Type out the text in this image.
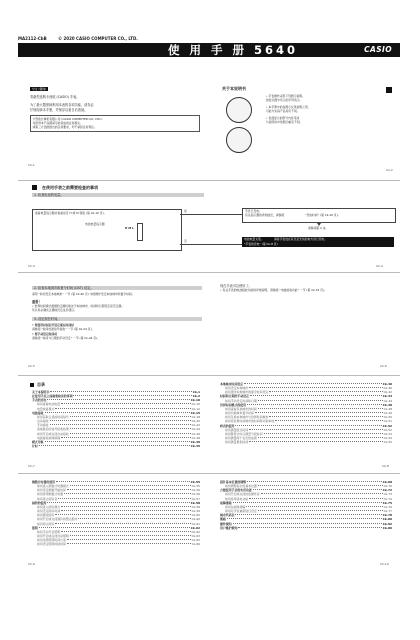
MA2112-CbB	© 2020 CASIO COMPUTER CO., LTD.
使 用 手 册 5640	CASIO
中文 (简体)
衷谢您选购卡西欧 (CASIO) 手表。
为了最大限度地利用本表的各项功能，请务必
仔细阅读本手册，并保存以备日后查阅。
卡西欧计算机有限公司 (CASIO COMPUTER CO., LTD.)
对使用本产品期间可能造成的任何损失，
或第三方因此提出的任何要求，均不承担任何责任。
Ck-1
关于本说明书
• 手表操作采用下列图示说明。
按钮以图中所示的字母表示。
• 本手册中的各图示仅供说明之用，
可能与实际产品有所不同。
• 表面显示的部分内容可能
与说明书中的图示略有不同。
Ck-2
在使用手表之前需要检查的事项
1. 检查电池的电量。
查看电量指示器并查看是否 H 或 M 等级 (第 Ck-10 页)。
电池电量指示器
H M L
是
否
手表已充电。
有关指示器的详细信息，请参阅	“充电时间” (第 Ck-10 页)。
请参阅第 2 步。
电池电量太低。	请将手表放在有充足光线的地方进行充电。
“手表的充电” (第 Ck-8 页)
Ck-3	Ck-4
2. 检查本地城市和夏令时间 (DST) 设定。
请用 “如何设定本地城市” 一节 (第 Ck-40 页) 中的操作设定本地城市和夏令时间。
重要！
• 世界时间模式数据的正确性取决于本地城市、时间和日期设定是否正确。
所以务必确实正确地设定这些项目。
3. 设定现在时间。
• 要使用时间信号设定现在时间时
请参阅 “时间校准信号接收” 一节 (第 Ck-24 页)。
• 要手动设定时间时
请参阅 “时间与日期的手动设定” 一节 (第 Ck-44 页)。
Ck-5
现在手表可以使用了。
• 有关手表的电波接收功能的详细说明，请参阅 “电波接收功能” 一节 (第 Ck-15 页)。
Ck-6
目录
关于本说明书	Ck-1
在使用手表之前需要检查的事项	Ck-2
手表的充电	Ck-10
如何查看电池电量	Ck-10
电量恢复模式	Ck-12
电波接收	Ck-15
如何获取合适的时间信号	Ck-18
自动接收	Ck-20
手动接收	Ck-22
查看最后的信号接收结果	Ck-24
如何开启或关闭自动接收	Ck-26
电波接收故障排除	Ck-28
模式导航	Ck-30
计时	Ck-35
Ck-7
本地城市时间设定	Ck-40
如何设定本地城市	Ck-40
如何更改本地城市的夏令时间设定	Ck-42
时间和日期的手动设定	Ck-44
如何手动设定时间和日期	Ck-44
世界时间模式的使用	Ck-48
如何查看其他城市的时间	Ck-48
如何切换城市夏令时间	Ck-49
如何互换本地城市与世界时间城市	Ck-50
如何将世界时间城市的时间移动到本地	Ck-51
秒表的使用	Ck-52
如何测量经过时间	Ck-52
如何暂停计时以测量分段时间	Ck-53
如何测量两个名次的成绩	Ck-54
如何测量累积时间	Ck-55
Ck-8
倒数计时器的使用	Ck-55
如何进入倒数计时器模式	Ck-55
如何设定倒数开始时间	Ck-56
如何使用倒数计时器	Ck-56
如何停止闹铃音	Ck-57
闹铃的使用	Ck-58
如何进入闹铃模式	Ck-58
如何设定闹铃时间	Ck-59
如何测试闹铃	Ck-60
如何开启或关闭闹铃和整点报时	Ck-60
如何停止闹铃	Ck-61
照明	Ck-62
如何手动开启照明	Ck-62
如何开启或关闭自动照明	Ck-63
如何选择照明时间长度	Ck-65
如何设定照明持续时间	Ck-66
Ck-9
指针基本位置的调整	Ck-68
如何调整指针的基本位置	Ck-70
方便使用手表的实用功能	Ck-72
如何开启或关闭按钮操作音	Ck-73
如何使用省电功能	Ck-74
故障排除	Ck-75
如何在故障排除	Ck-76
如何对手表重新进行设定	Ck-77
城市代码表	Ck-78
规格	Ck-80
操作须知	Ck-82
用户维护须知	Ck-86
Ck-10
